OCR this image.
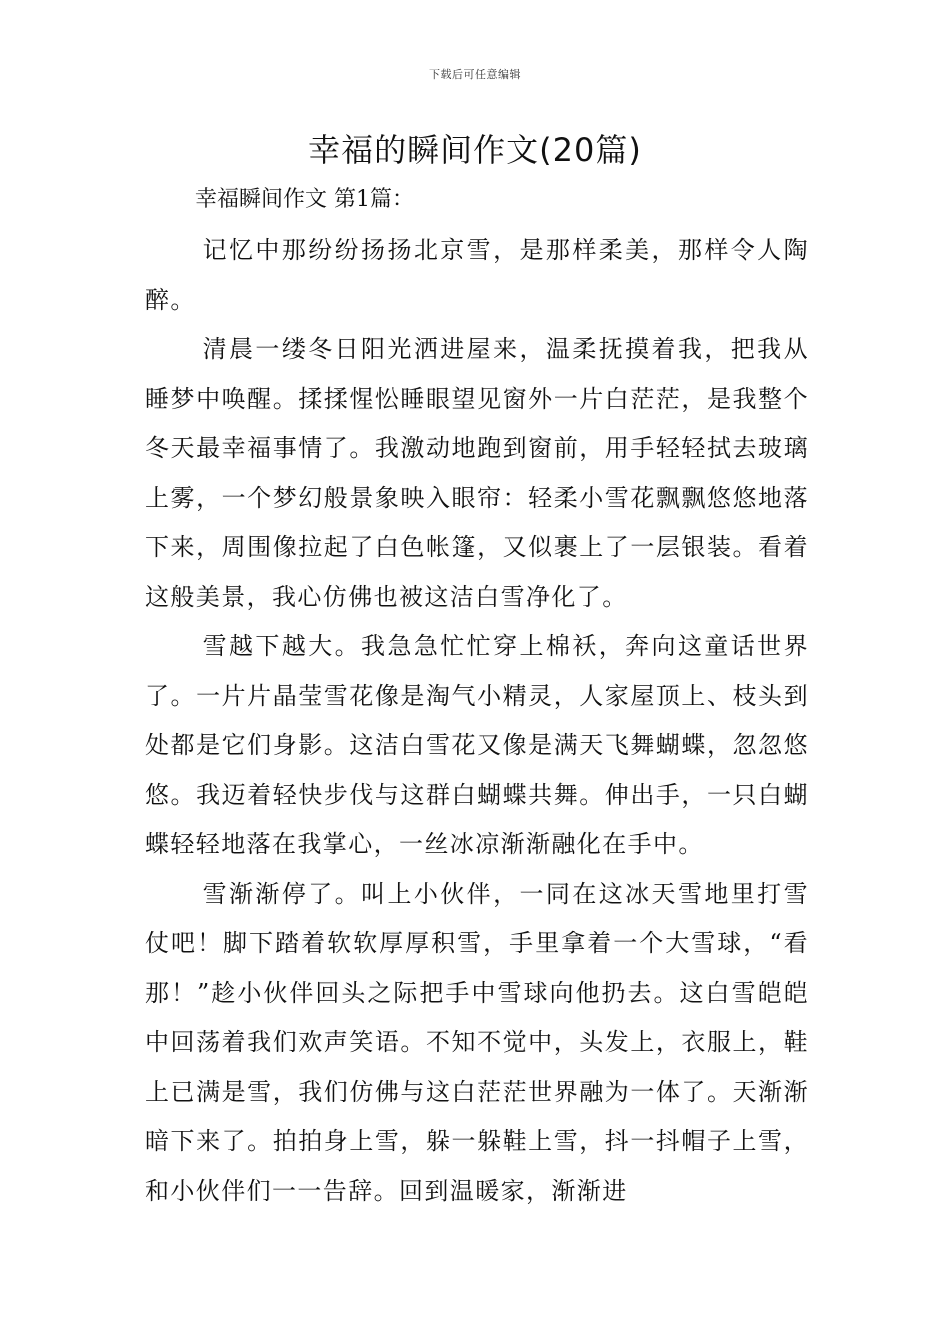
下载后可任意编辑
幸福的瞬间作文(20篇)
幸福瞬间作文 第1篇：

记忆中那纷纷扬扬北京雪，是那样柔美，那样令人陶醉。

清晨一缕冬日阳光洒进屋来，温柔抚摸着我，把我从睡梦中唤醒。揉揉惺忪睡眼望见窗外一片白茫茫，是我整个冬天最幸福事情了。我激动地跑到窗前，用手轻轻拭去玻璃上雾，一个梦幻般景象映入眼帘：轻柔小雪花飘飘悠悠地落下来，周围像拉起了白色帐篷，又似裹上了一层银装。看着这般美景，我心仿佛也被这洁白雪净化了。

雪越下越大。我急急忙忙穿上棉袄，奔向这童话世界了。一片片晶莹雪花像是淘气小精灵，人家屋顶上、枝头到处都是它们身影。这洁白雪花又像是满天飞舞蝴蝶，忽忽悠悠。我迈着轻快步伐与这群白蝴蝶共舞。伸出手，一只白蝴蝶轻轻地落在我掌心，一丝冰凉渐渐融化在手中。

雪渐渐停了。叫上小伙伴，一同在这冰天雪地里打雪仗吧！脚下踏着软软厚厚积雪，手里拿着一个大雪球，“看那！”趁小伙伴回头之际把手中雪球向他扔去。这白雪皑皑中回荡着我们欢声笑语。不知不觉中，头发上，衣服上，鞋上已满是雪，我们仿佛与这白茫茫世界融为一体了。天渐渐暗下来了。拍拍身上雪，躲一躲鞋上雪，抖一抖帽子上雪，和小伙伴们一一告辞。回到温暖家，渐渐进
